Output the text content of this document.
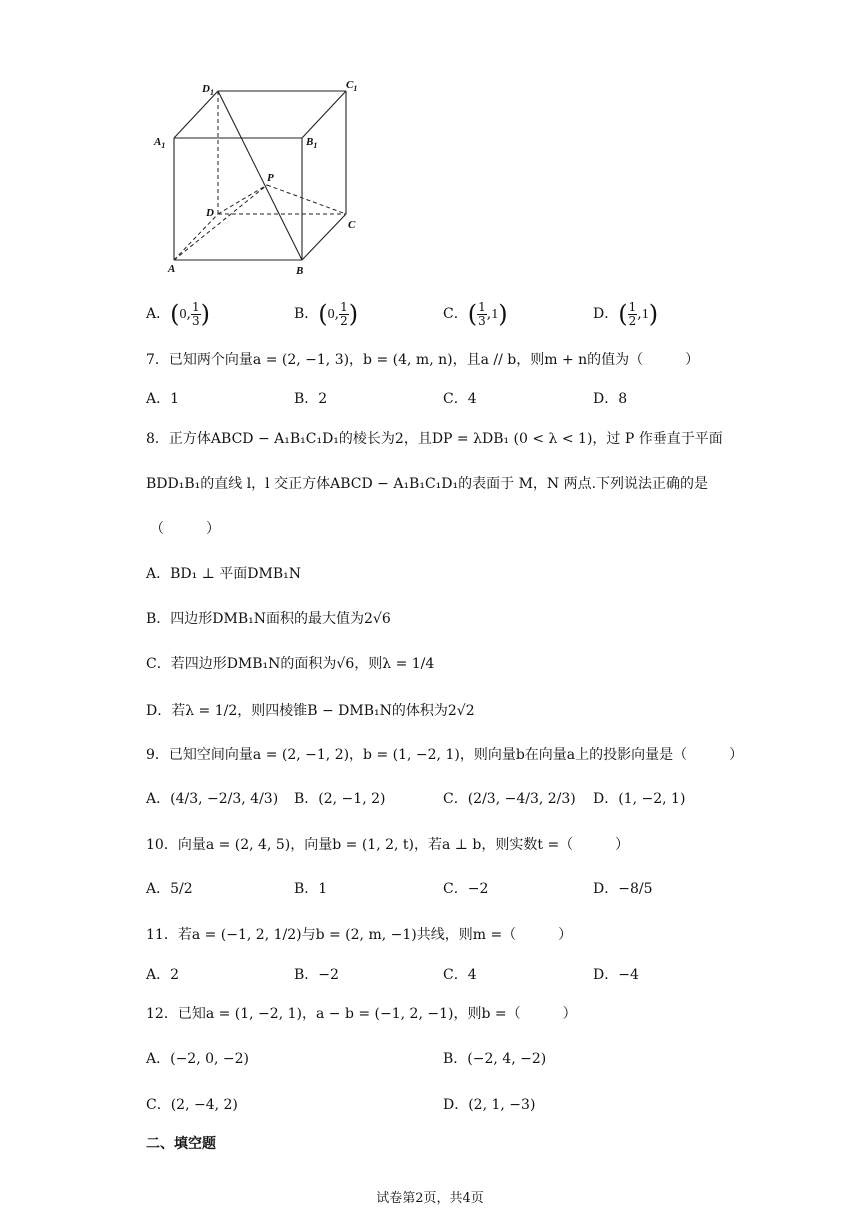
$D_1$
$C_1$
$A_1$	$B_1$
P
D
C
A	B
A．(0, $\frac{1}{3}$ )	B．(0, $\frac{1}{2}$ )	C．( $\frac{1}{3} ,1$)	D．( $\frac{1}{2} ,1$)
7．已知两个向量a = (2, −1, 3)，b = (4, m, n)，且a // b，则m + n的值为（　　　）
A．1	B．2	C．4	D．8
8．正方体ABCD − A₁B₁C₁D₁的棱长为2，且DP = λDB₁ (0 < λ < 1)，过 P 作垂直于平面
BDD₁B₁的直线 l，l 交正方体ABCD − A₁B₁C₁D₁的表面于 M，N 两点.下列说法正确的是
（　　　）
A．BD₁ ⊥ 平面DMB₁N
B．四边形DMB₁N面积的最大值为2√6
C．若四边形DMB₁N的面积为√6，则λ = 1/4
D．若λ = 1/2，则四棱锥B − DMB₁N的体积为2√2
9．已知空间向量a = (2, −1, 2)，b = (1, −2, 1)，则向量b在向量a上的投影向量是（　　　）
A．(4/3, −2/3, 4/3) B．(2, −1, 2)	C．(2/3, −4/3, 2/3) D．(1, −2, 1)
10．向量a = (2, 4, 5)，向量b = (1, 2, t)，若a ⊥ b，则实数t =（　　　）
A．5/2	B．1	C．−2	D．−8/5
11．若a = (−1, 2, 1/2)与b = (2, m, −1)共线，则m =（　　　）
A．2	B．−2	C．4	D．−4
12．已知a = (1, −2, 1)，a − b = (−1, 2, −1)，则b =（　　　）
A．(−2, 0, −2)	B．(−2, 4, −2)
C．(2, −4, 2)	D．(2, 1, −3)
二、填空题
试卷第2页，共4页
